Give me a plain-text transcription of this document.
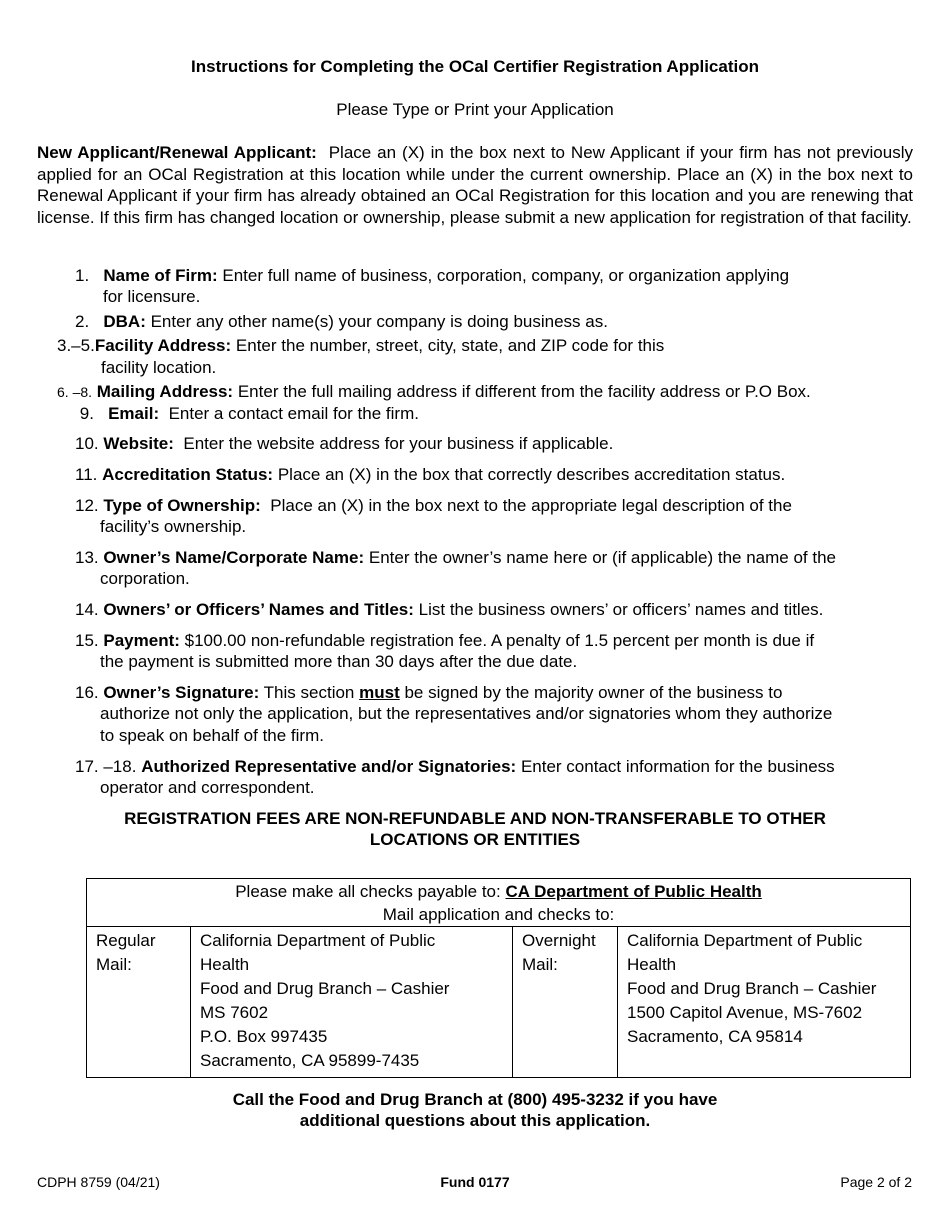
Instructions for Completing the OCal Certifier Registration Application
Please Type or Print your Application
New Applicant/Renewal Applicant: Place an (X) in the box next to New Applicant if your firm has not previously applied for an OCal Registration at this location while under the current ownership. Place an (X) in the box next to Renewal Applicant if your firm has already obtained an OCal Registration for this location and you are renewing that license. If this firm has changed location or ownership, please submit a new application for registration of that facility.
1. Name of Firm: Enter full name of business, corporation, company, or organization applying
for licensure.
2. DBA: Enter any other name(s) your company is doing business as.
3.–5.Facility Address: Enter the number, street, city, state, and ZIP code for this
facility location.
6. –8. Mailing Address: Enter the full mailing address if different from the facility address or P.O Box.
9. Email: Enter a contact email for the firm.
10. Website: Enter the website address for your business if applicable.
11. Accreditation Status: Place an (X) in the box that correctly describes accreditation status.
12. Type of Ownership: Place an (X) in the box next to the appropriate legal description of the
facility’s ownership.
13. Owner’s Name/Corporate Name: Enter the owner’s name here or (if applicable) the name of the
corporation.
14. Owners’ or Officers’ Names and Titles: List the business owners’ or officers’ names and titles.
15. Payment: $100.00 non-refundable registration fee. A penalty of 1.5 percent per month is due if
the payment is submitted more than 30 days after the due date.
16. Owner’s Signature: This section must be signed by the majority owner of the business to
authorize not only the application, but the representatives and/or signatories whom they authorize
to speak on behalf of the firm.
17. –18. Authorized Representative and/or Signatories: Enter contact information for the business
operator and correspondent.
REGISTRATION FEES ARE NON-REFUNDABLE AND NON-TRANSFERABLE TO OTHER
LOCATIONS OR ENTITIES
Please make all checks payable to: CA Department of Public Health
Mail application and checks to:

Regular
Mail:

California Department of Public
Health
Food and Drug Branch – Cashier
MS 7602
P.O. Box 997435
Sacramento, CA 95899-7435

Overnight
Mail:

California Department of Public
Health
Food and Drug Branch – Cashier
1500 Capitol Avenue, MS-7602
Sacramento, CA 95814
Call the Food and Drug Branch at (800) 495-3232 if you have
additional questions about this application.
Fund 0177
CDPH 8759 (04/21)	Page 2 of 2
